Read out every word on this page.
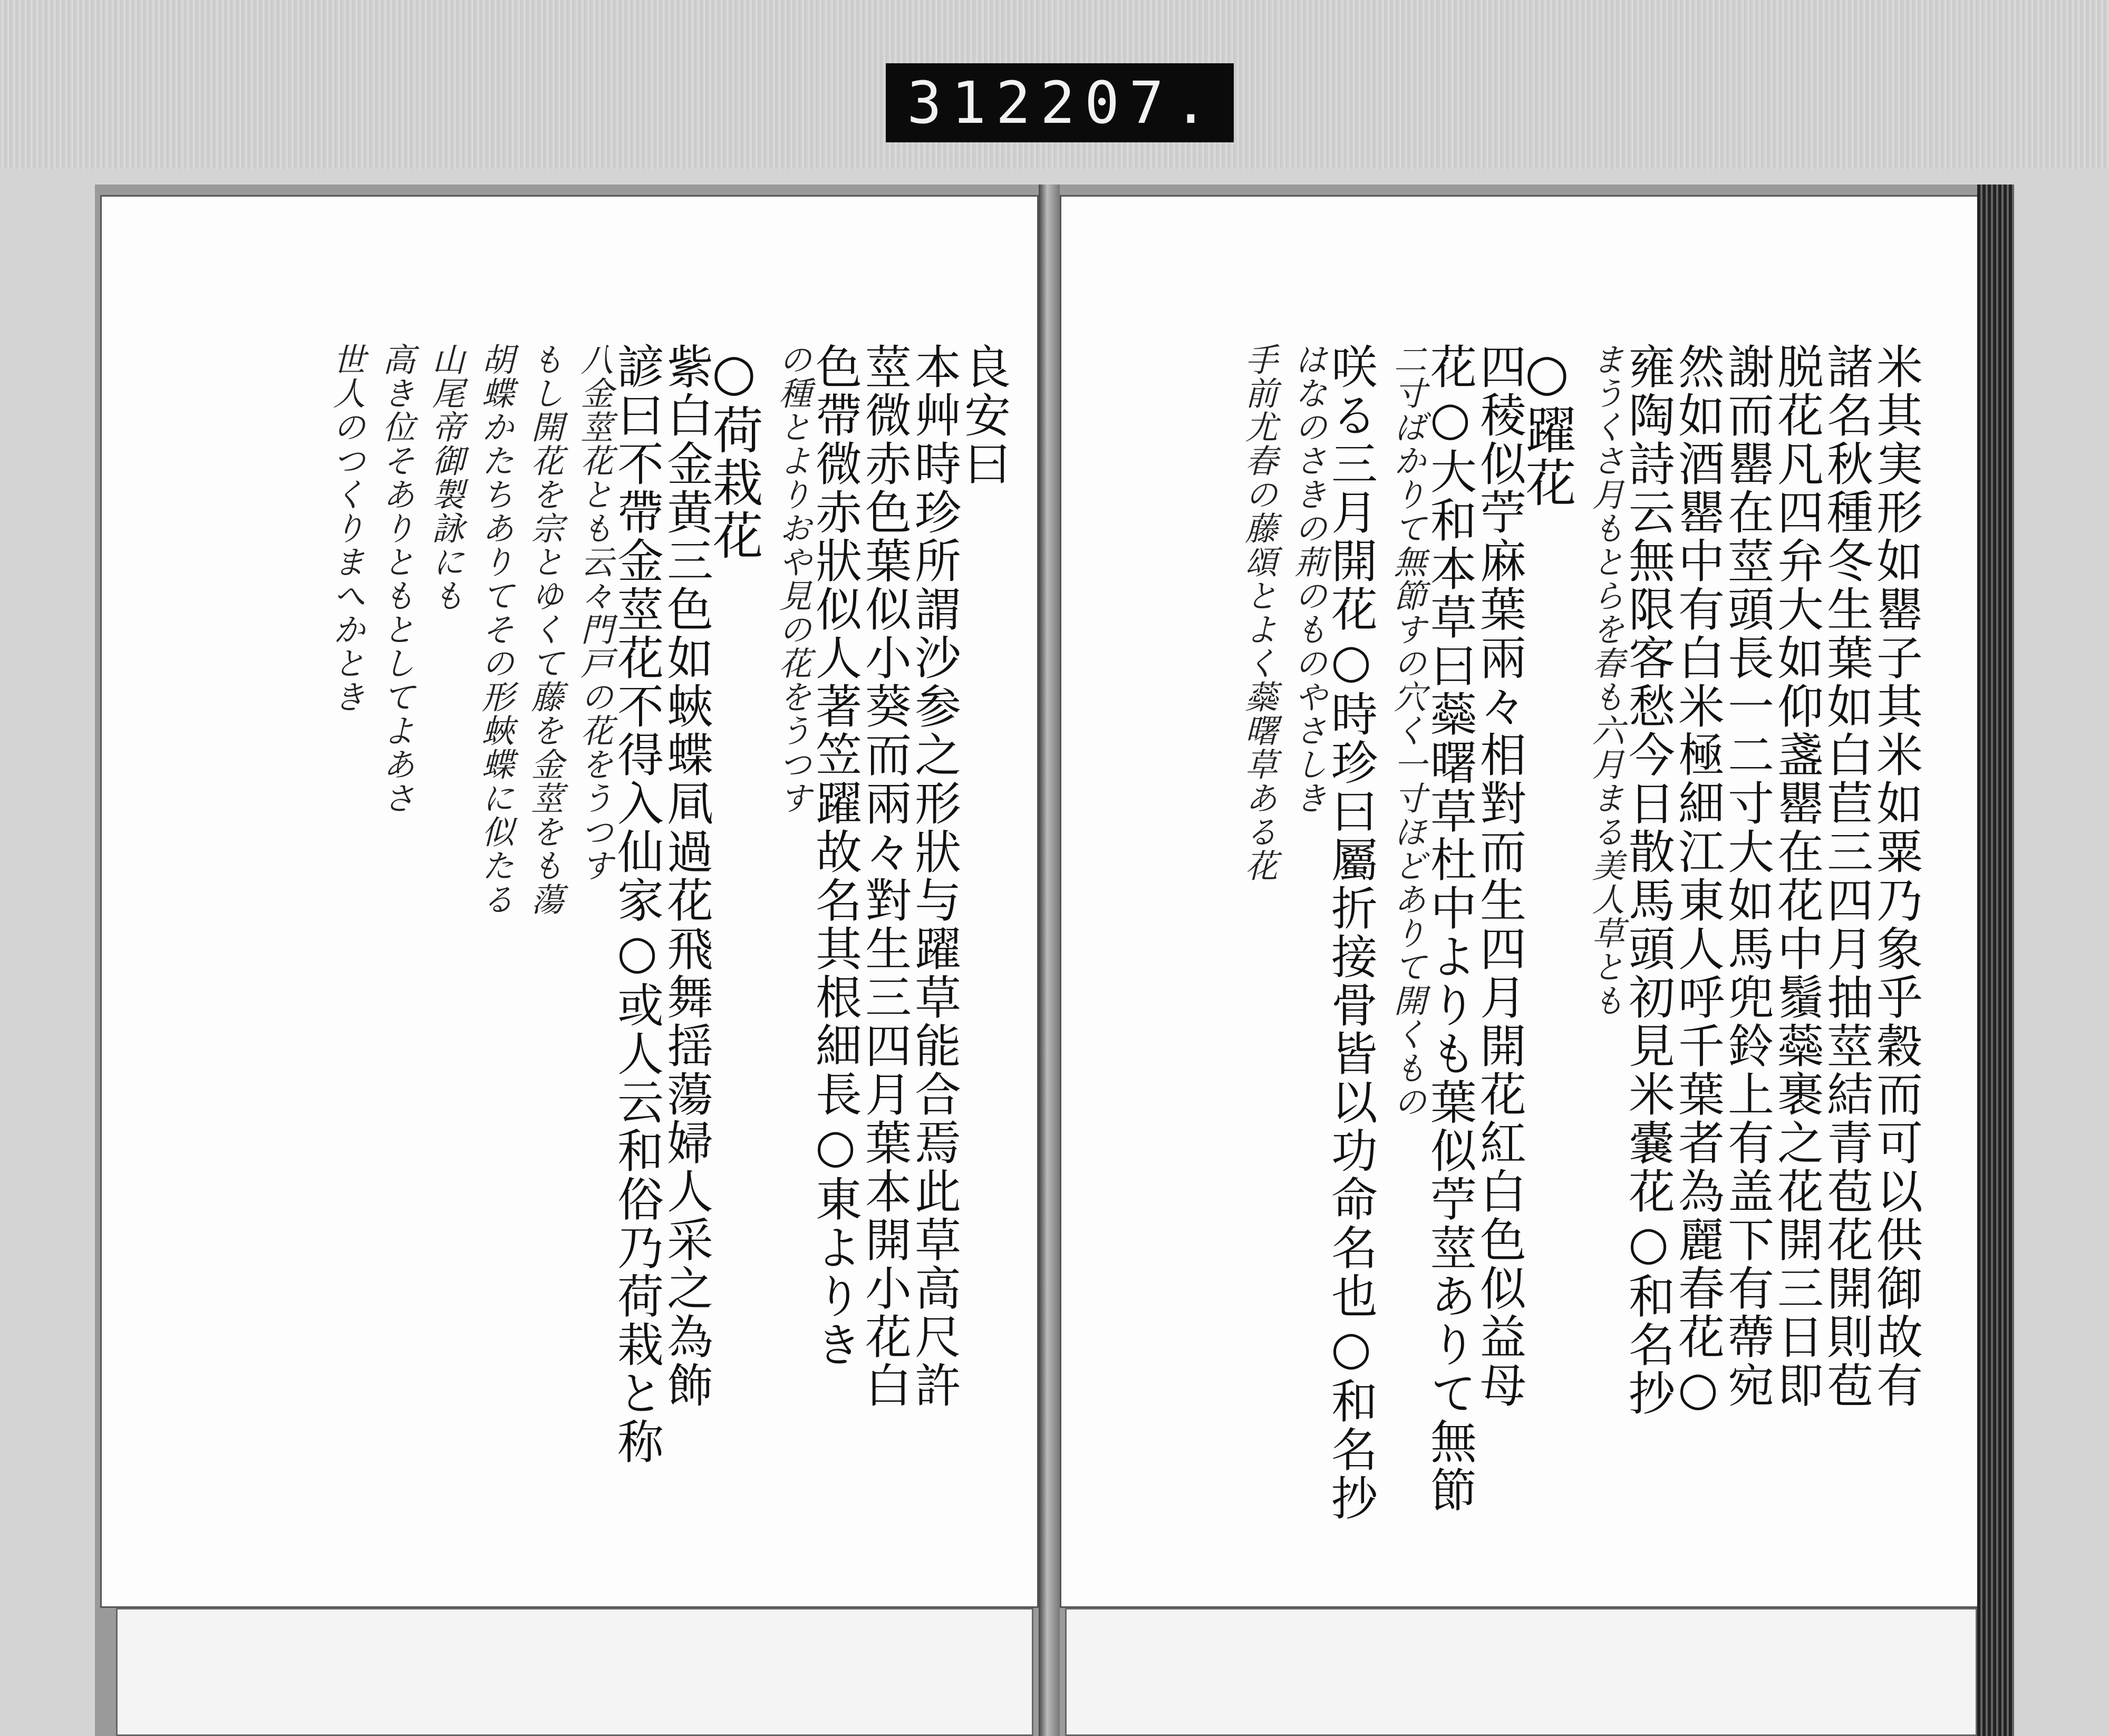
312 207.
良安曰
本艸時珍所謂沙参之形狀与躍草能合焉此草高尺許
莖微赤色葉似小葵而兩々對生三四月葉本開小花白
色帶微赤狀似人著笠躍故名其根細長○東よりき
の種とよりおや見の花をうつす
○荷栽花
紫白金黄三色如蛺蝶凬過花飛舞揺蕩婦人采之為飾
諺曰不帶金莖花不得入仙家○或人云和俗乃荷栽と称
八金莖花とも云々門戸の花をうつす
もし開花を宗とゆくて藤を金莖をも蕩
胡蝶かたちありてその形蛺蝶に似たる
山尾帝御製詠にも
高き位そありともとしてよあさ
世人のつくりまへかとき	米其実形如罌子其米如粟乃象乎穀而可以供御故有
諸名秋種冬生葉如白苣三四月抽莖結青苞花開則苞
脱花凡四弁大如仰盞罌在花中鬚蘂裹之花開三日即
謝而罌在莖頭長一二寸大如馬兜鈴上有盖下有蔕宛
然如酒罌中有白米極細江東人呼千葉者為麗春花○
雍陶詩云無限客愁今日散馬頭初見米嚢花○和名抄
まうくさ月もとらを春も六月まる美人草とも
○躍花
四稜似苧麻葉兩々相對而生四月開花紅白色似益母
花○大和本草曰蘂曙草杜中よりも葉似苧莖ありて無節
二寸ばかりて無節すの穴く一寸ほどありて開くもの
咲る三月開花○時珍曰屬折接骨皆以功命名也○和名抄
はなのさきの荊のものやさしき
手前尤春の藤頌とよく蘂曙草ある花
